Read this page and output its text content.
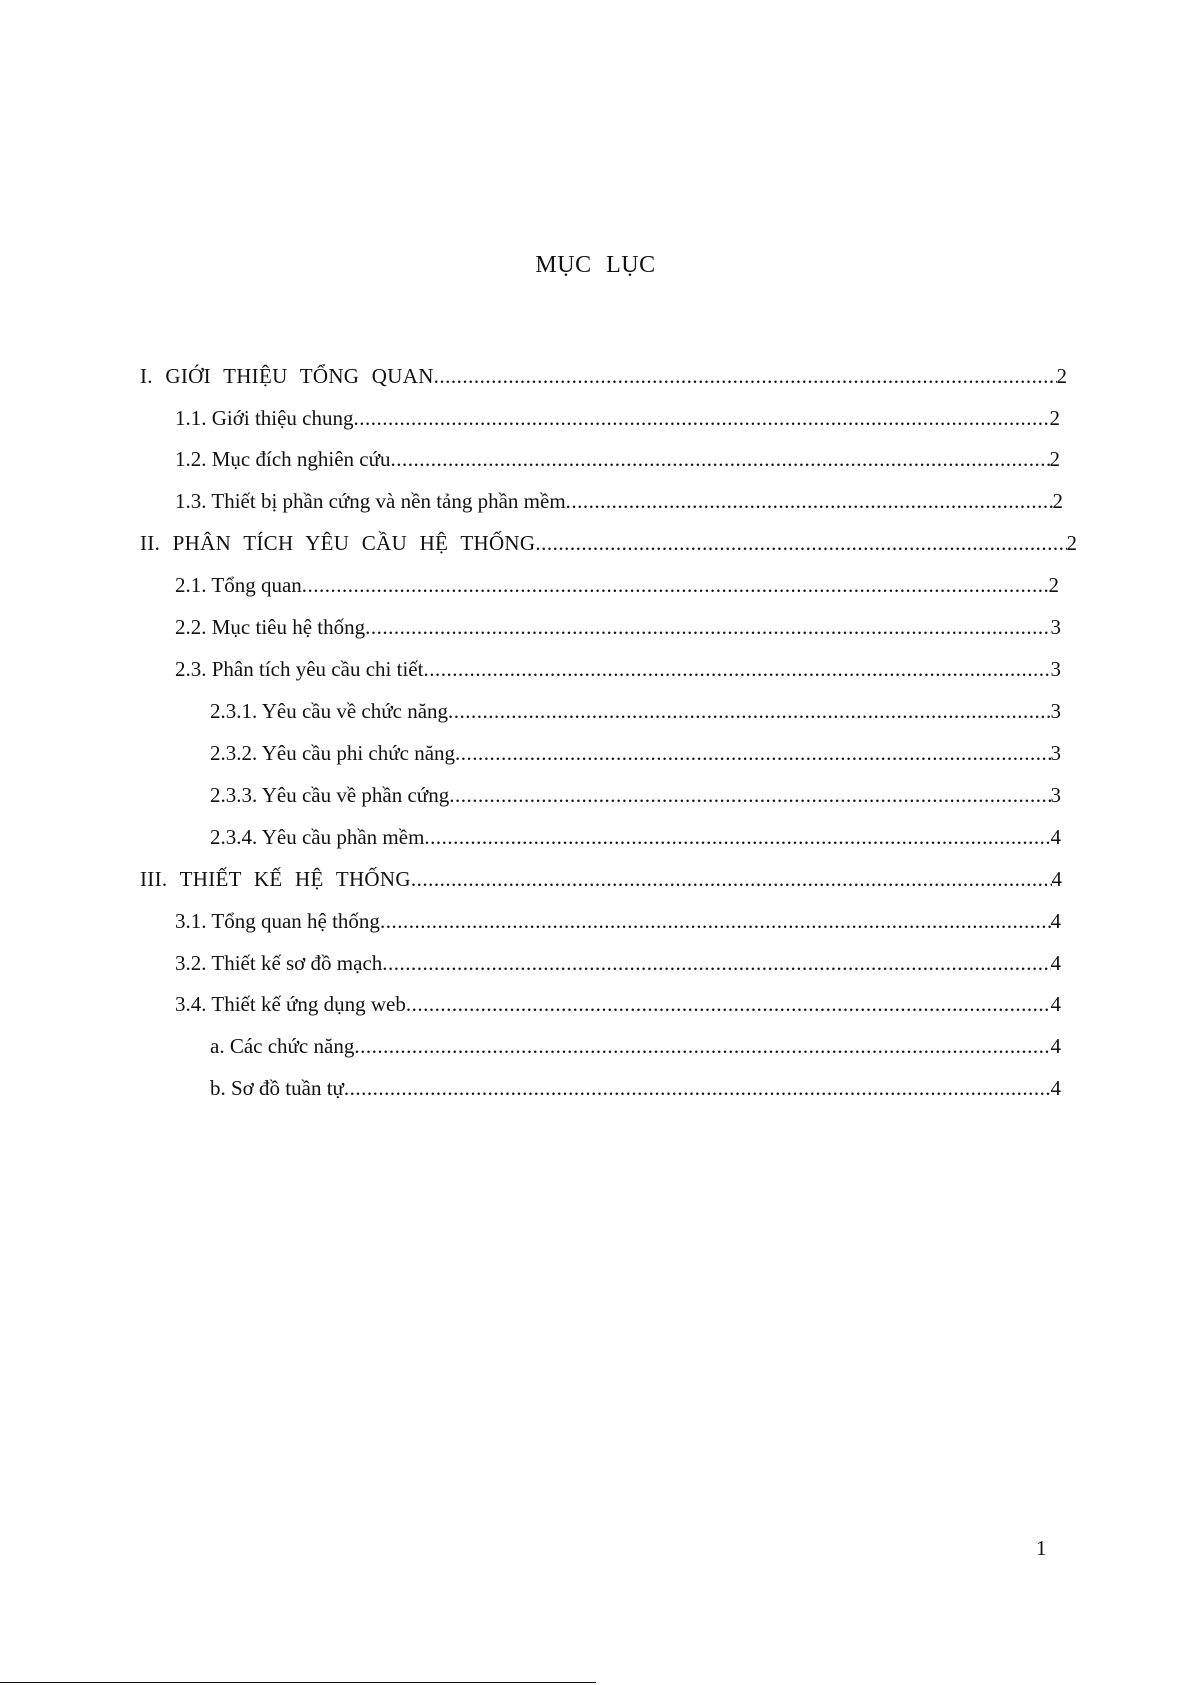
MỤC LỤC
I. GIỚI THIỆU TỔNG QUAN .....	2
1.1. Giới thiệu chung .....	2
1.2. Mục đích nghiên cứu .....	2
1.3. Thiết bị phần cứng và nền tảng phần mềm .....	2
II. PHÂN TÍCH YÊU CẦU HỆ THỐNG .....	2
2.1. Tổng quan .....	2
2.2. Mục tiêu hệ thống .....	3
2.3. Phân tích yêu cầu chi tiết .....	3
2.3.1. Yêu cầu về chức năng .....	3
2.3.2. Yêu cầu phi chức năng .....	3
2.3.3. Yêu cầu về phần cứng .....	3
2.3.4. Yêu cầu phần mềm .....	4
III. THIẾT KẾ HỆ THỐNG .....	4
3.1. Tổng quan hệ thống .....	4
3.2. Thiết kế sơ đồ mạch .....	4
3.4. Thiết kế ứng dụng web .....	4
a. Các chức năng .....	4
b. Sơ đồ tuần tự .....	4
1
